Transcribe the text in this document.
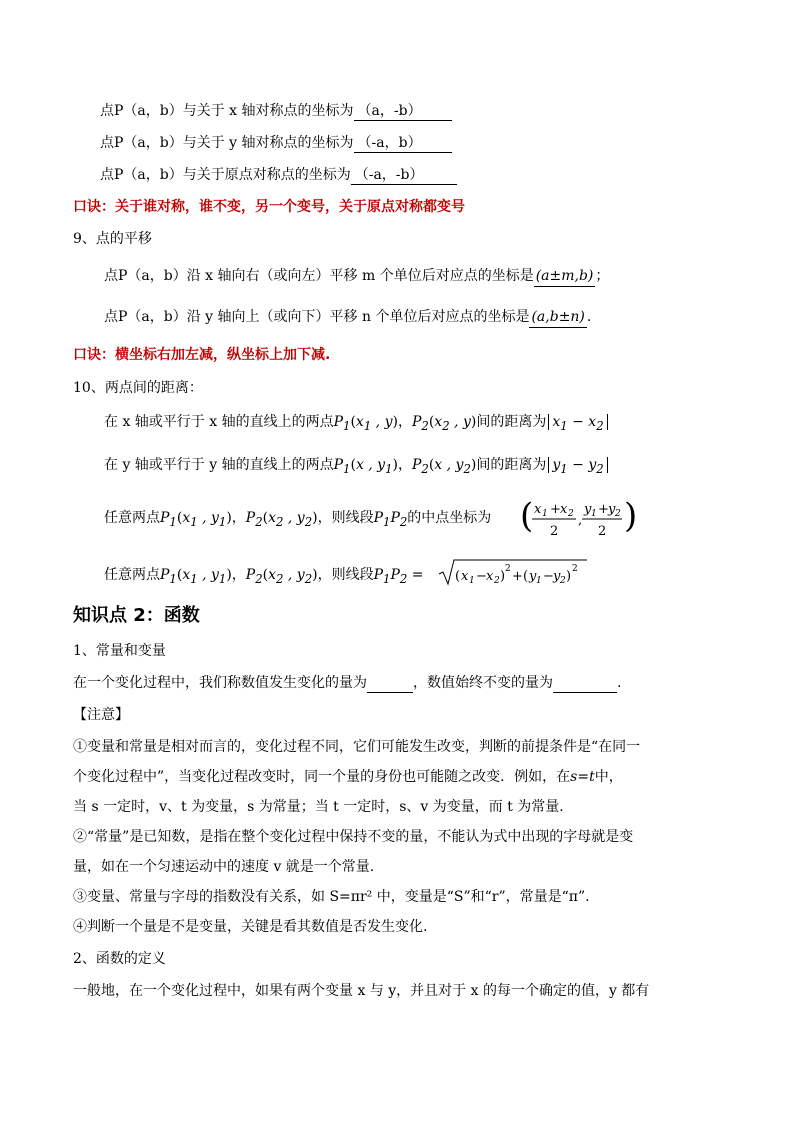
点P（a，b）与关于 x 轴对称点的坐标为 （a，-b）
点P（a，b）与关于 y 轴对称点的坐标为 （-a，b）
点P（a，b）与关于原点对称点的坐标为 （-a，-b）
口诀：关于谁对称，谁不变，另一个变号，关于原点对称都变号
9、点的平移
点P（a，b）沿 x 轴向右（或向左）平移 m 个单位后对应点的坐标是 (a±m,b) ；
点P（a，b）沿 y 轴向上（或向下）平移 n 个单位后对应点的坐标是 (a,b±n) .
口诀：横坐标右加左减，纵坐标上加下减.
10、两点间的距离：
在 x 轴或平行于 x 轴的直线上的两点$P_1(x_1$ , y)，$P_2(x_2$ , y)间的距离为 $x_1 - x_2$
在 y 轴或平行于 y 轴的直线上的两点$P_1(x$ , $y_1$)，$P_2(x$ , $y_2$)间的距离为 $y_1 - y_2$
任意两点$P_1(x_1$ , $y_1$)，$P_2(x_2$ , $y_2$)，则线段$P_1P_2$的中点坐标为 ( x 1 + x 2
2
,
y 1 + y 2
2 )
任意两点$P_1(x_1$ , $y_1$)，$P_2(x_2$ , $y_2$)，则线段$P_1P_2$ = ( x 1 − x 2 ) 2 + ( y 1 − y 2 ) 2
知识点 2：函数
1、常量和变量
在一个变化过程中，我们称数值发生变化的量为	，数值始终不变的量为	.
【注意】
①变量和常量是相对而言的，变化过程不同，它们可能发生改变，判断的前提条件是“在同一
个变化过程中”，当变化过程改变时，同一个量的身份也可能随之改变．例如，在s=t中，
当 s 一定时，v、t 为变量，s 为常量；当 t 一定时，s、v 为变量，而 t 为常量.
②“常量”是已知数，是指在整个变化过程中保持不变的量，不能认为式中出现的字母就是变
量，如在一个匀速运动中的速度 v 就是一个常量.
③变量、常量与字母的指数没有关系，如 S=πr² 中，变量是“S”和“r”，常量是“π”.
④判断一个量是不是变量，关键是看其数值是否发生变化.
2、函数的定义
一般地，在一个变化过程中，如果有两个变量 x 与 y，并且对于 x 的每一个确定的值，y 都有
